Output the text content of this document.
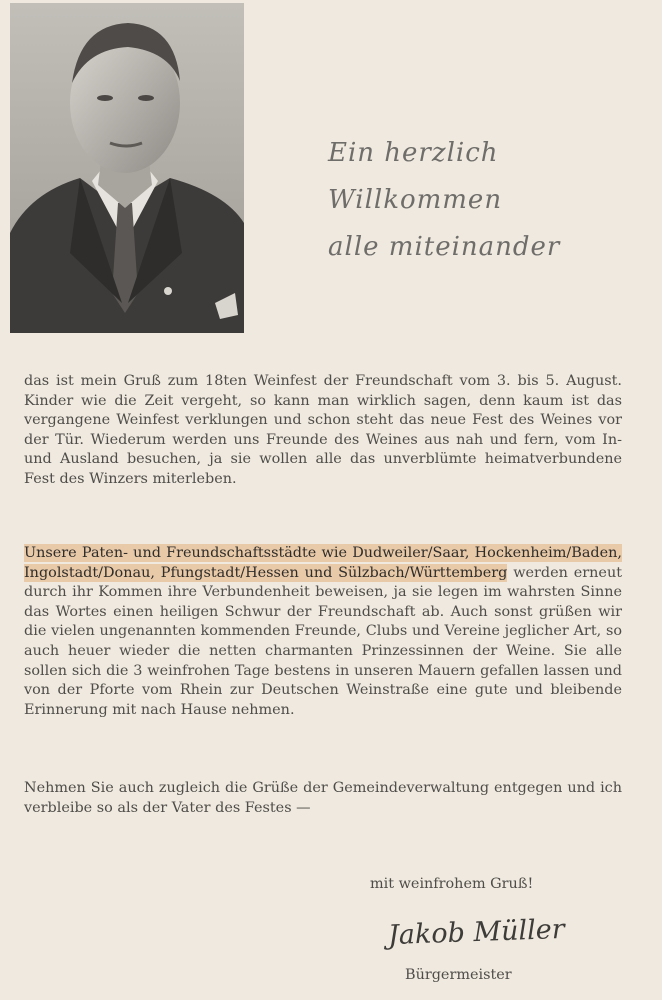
Ein herzlich
Willkommen
alle miteinander

das ist mein Gruß zum 18ten Weinfest der Freundschaft vom 3. bis 5. August. Kinder wie die Zeit vergeht, so kann man wirklich sagen, denn kaum ist das vergangene Weinfest verklungen und schon steht das neue Fest des Weines vor der Tür. Wiederum werden uns Freunde des Weines aus nah und fern, vom In- und Ausland besuchen, ja sie wollen alle das unverblümte heimatverbundene Fest des Winzers miterleben.

Unsere Paten- und Freundschaftsstädte wie Dudweiler/Saar, Hockenheim/Baden, Ingolstadt/Donau, Pfungstadt/Hessen und Sülzbach/Württemberg werden erneut durch ihr Kommen ihre Verbundenheit beweisen, ja sie legen im wahrsten Sinne das Wortes einen heiligen Schwur der Freundschaft ab. Auch sonst grüßen wir die vielen ungenannten kommenden Freunde, Clubs und Vereine jeglicher Art, so auch heuer wieder die netten charmanten Prinzessinnen der Weine. Sie alle sollen sich die 3 weinfrohen Tage bestens in unseren Mauern gefallen lassen und von der Pforte vom Rhein zur Deutschen Weinstraße eine gute und bleibende Erinnerung mit nach Hause nehmen.

Nehmen Sie auch zugleich die Grüße der Gemeindeverwaltung entgegen und ich verbleibe so als der Vater des Festes —

mit weinfrohem Gruß!
Jakob Müller
Bürgermeister
